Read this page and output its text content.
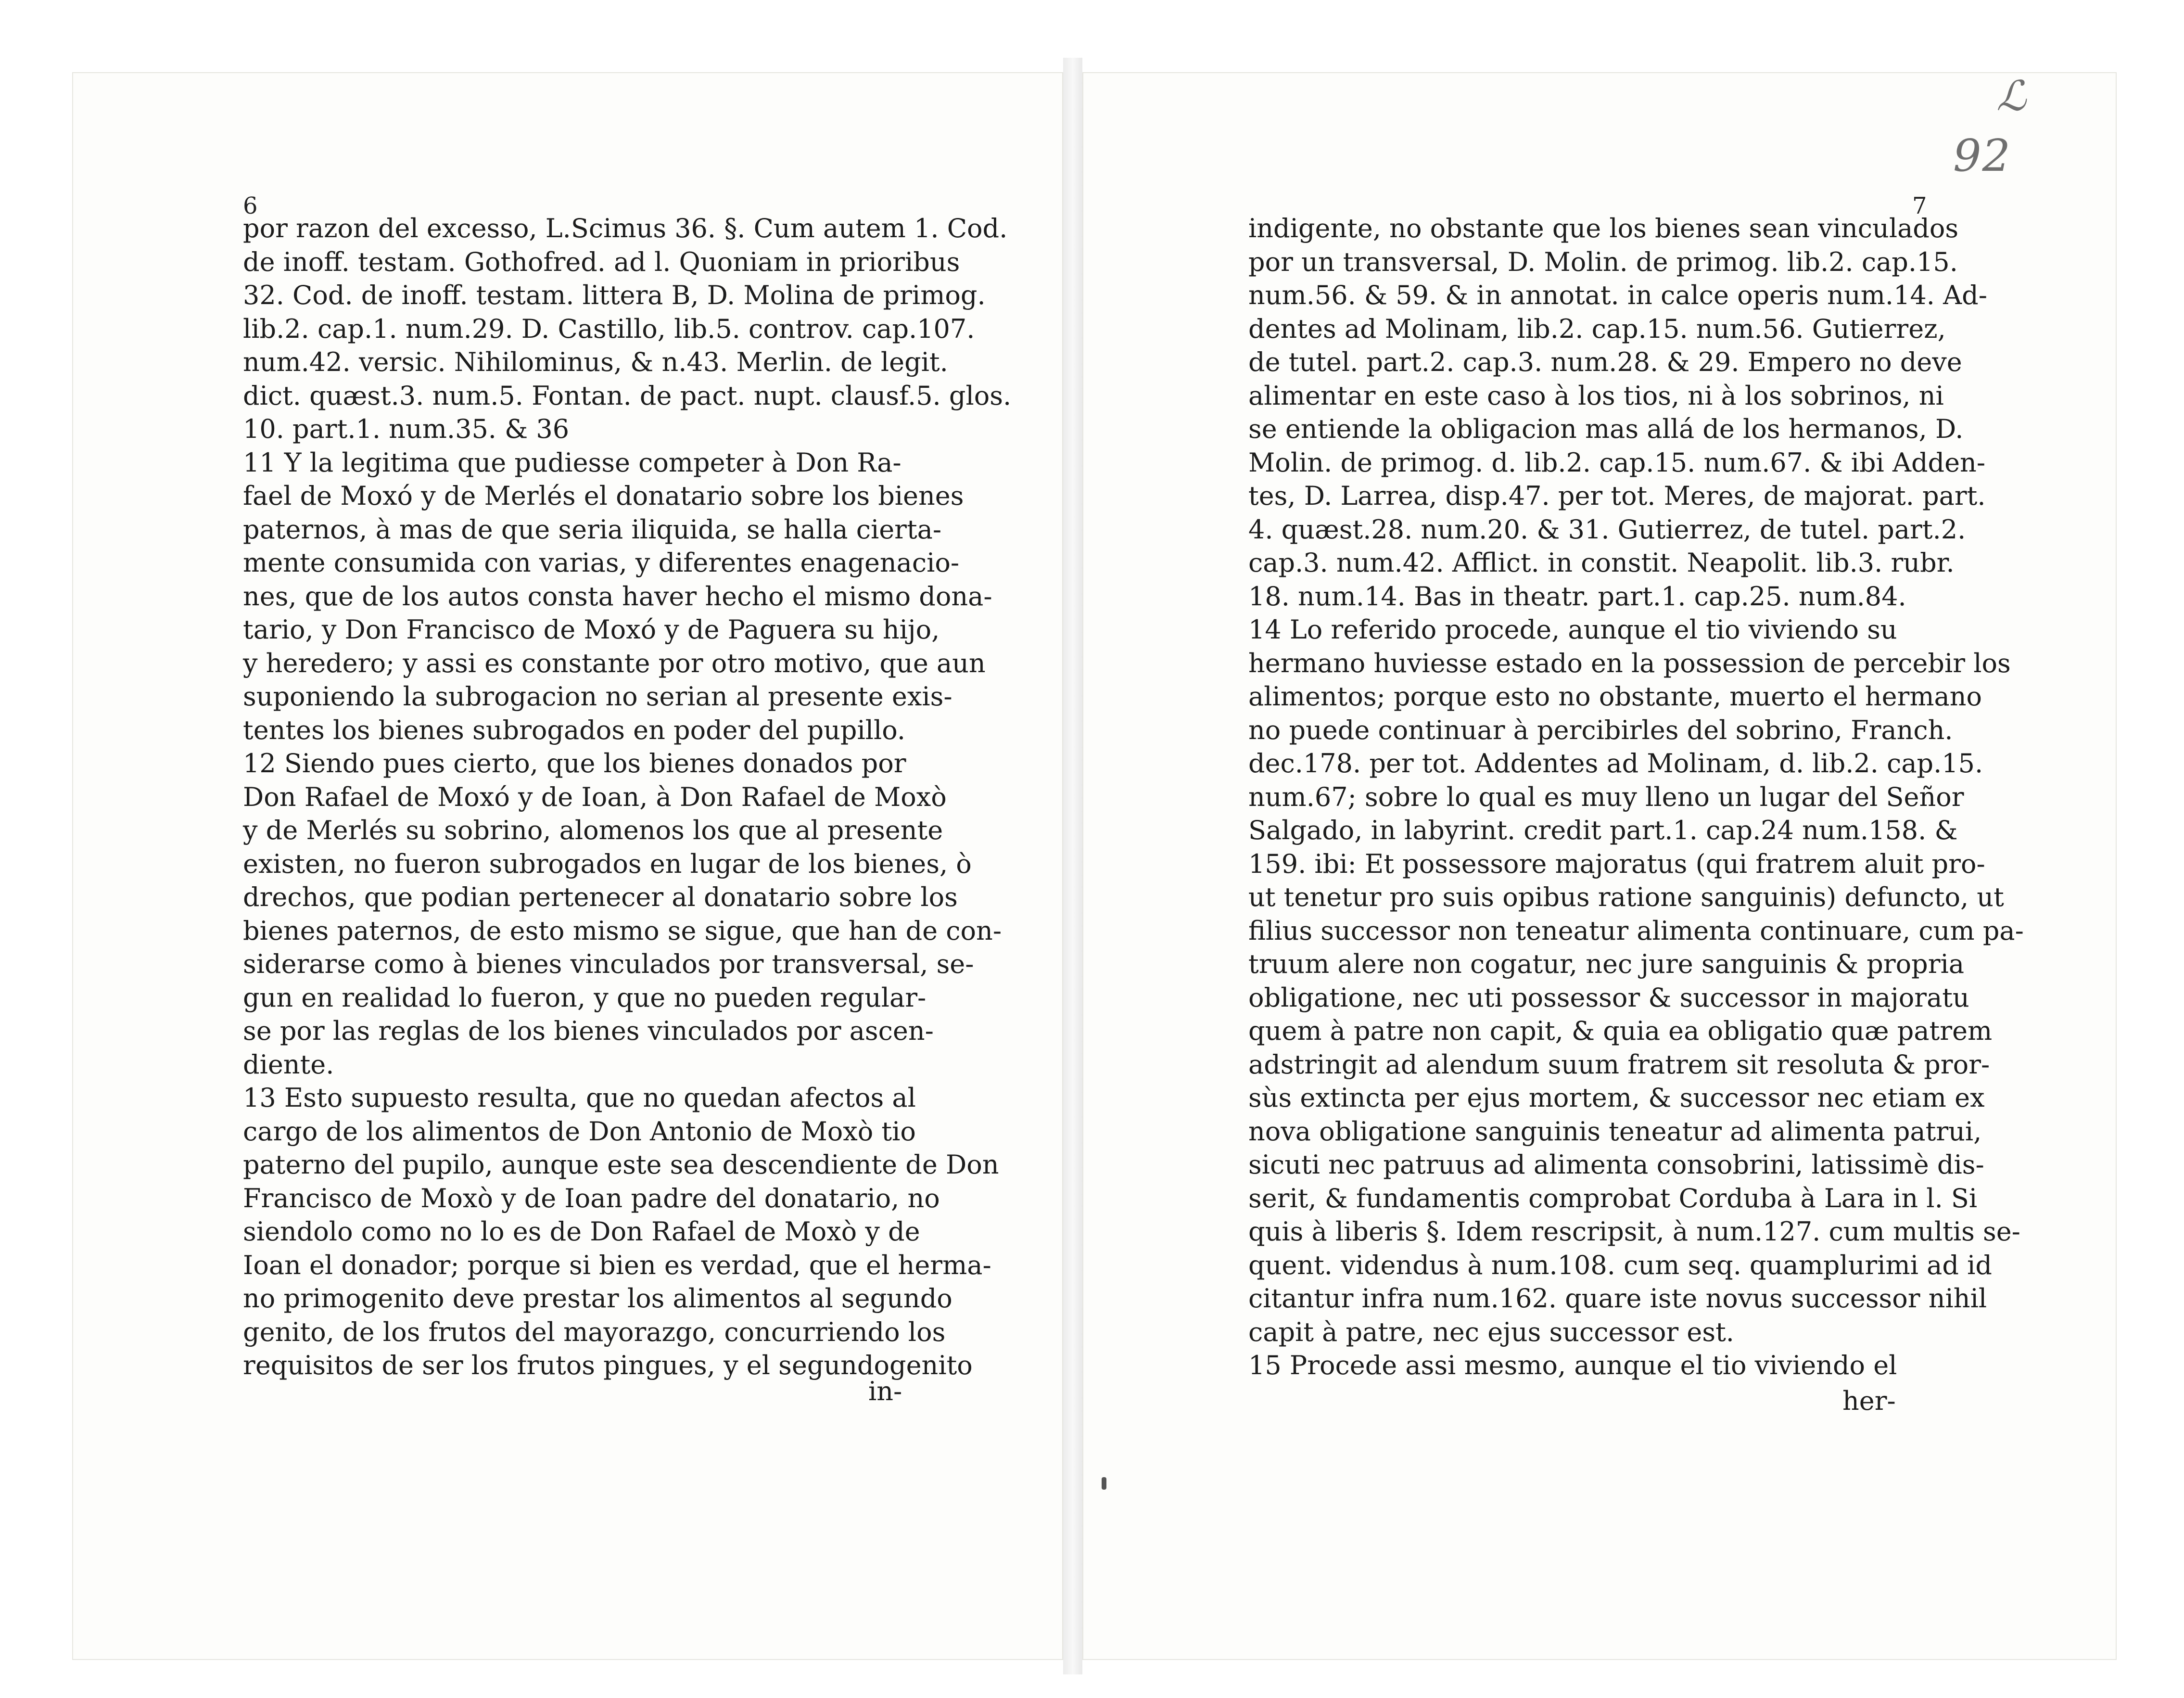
ℒ
92
6	7
por razon del excesso, L.Scimus 36. §. Cum autem 1. Cod.
de inoff. testam. Gothofred. ad l. Quoniam in prioribus
32. Cod. de inoff. testam. littera B, D. Molina de primog.
lib.2. cap.1. num.29. D. Castillo, lib.5. controv. cap.107.
num.42. versic. Nihilominus, & n.43. Merlin. de legit.
dict. quæst.3. num.5. Fontan. de pact. nupt. clausf.5. glos.
10. part.1. num.35. & 36
11 Y la legitima que pudiesse competer à Don Ra-
fael de Moxó y de Merlés el donatario sobre los bienes
paternos, à mas de que seria iliquida, se halla cierta-
mente consumida con varias, y diferentes enagenacio-
nes, que de los autos consta haver hecho el mismo dona-
tario, y Don Francisco de Moxó y de Paguera su hijo,
y heredero; y assi es constante por otro motivo, que aun
suponiendo la subrogacion no serian al presente exis-
tentes los bienes subrogados en poder del pupillo.
12 Siendo pues cierto, que los bienes donados por
Don Rafael de Moxó y de Ioan, à Don Rafael de Moxò
y de Merlés su sobrino, alomenos los que al presente
existen, no fueron subrogados en lugar de los bienes, ò
drechos, que podian pertenecer al donatario sobre los
bienes paternos, de esto mismo se sigue, que han de con-
siderarse como à bienes vinculados por transversal, se-
gun en realidad lo fueron, y que no pueden regular-
se por las reglas de los bienes vinculados por ascen-
diente.
13 Esto supuesto resulta, que no quedan afectos al
cargo de los alimentos de Don Antonio de Moxò tio
paterno del pupilo, aunque este sea descendiente de Don
Francisco de Moxò y de Ioan padre del donatario, no
siendolo como no lo es de Don Rafael de Moxò y de
Ioan el donador; porque si bien es verdad, que el herma-
no primogenito deve prestar los alimentos al segundo
genito, de los frutos del mayorazgo, concurriendo los
requisitos de ser los frutos pingues, y el segundogenito
indigente, no obstante que los bienes sean vinculados
por un transversal, D. Molin. de primog. lib.2. cap.15.
num.56. & 59. & in annotat. in calce operis num.14. Ad-
dentes ad Molinam, lib.2. cap.15. num.56. Gutierrez,
de tutel. part.2. cap.3. num.28. & 29. Empero no deve
alimentar en este caso à los tios, ni à los sobrinos, ni
se entiende la obligacion mas allá de los hermanos, D.
Molin. de primog. d. lib.2. cap.15. num.67. & ibi Adden-
tes, D. Larrea, disp.47. per tot. Meres, de majorat. part.
4. quæst.28. num.20. & 31. Gutierrez, de tutel. part.2.
cap.3. num.42. Afflict. in constit. Neapolit. lib.3. rubr.
18. num.14. Bas in theatr. part.1. cap.25. num.84.
14 Lo referido procede, aunque el tio viviendo su
hermano huviesse estado en la possession de percebir los
alimentos; porque esto no obstante, muerto el hermano
no puede continuar à percibirles del sobrino, Franch.
dec.178. per tot. Addentes ad Molinam, d. lib.2. cap.15.
num.67; sobre lo qual es muy lleno un lugar del Señor
Salgado, in labyrint. credit part.1. cap.24 num.158. &
159. ibi: Et possessore majoratus (qui fratrem aluit pro-
ut tenetur pro suis opibus ratione sanguinis) defuncto, ut
filius successor non teneatur alimenta continuare, cum pa-
truum alere non cogatur, nec jure sanguinis & propria
obligatione, nec uti possessor & successor in majoratu
quem à patre non capit, & quia ea obligatio quæ patrem
adstringit ad alendum suum fratrem sit resoluta & pror-
sùs extincta per ejus mortem, & successor nec etiam ex
nova obligatione sanguinis teneatur ad alimenta patrui,
sicuti nec patruus ad alimenta consobrini, latissimè dis-
serit, & fundamentis comprobat Corduba à Lara in l. Si
quis à liberis §. Idem rescripsit, à num.127. cum multis se-
quent. videndus à num.108. cum seq. quamplurimi ad id
citantur infra num.162. quare iste novus successor nihil
capit à patre, nec ejus successor est.
15 Procede assi mesmo, aunque el tio viviendo el
in-	her-
